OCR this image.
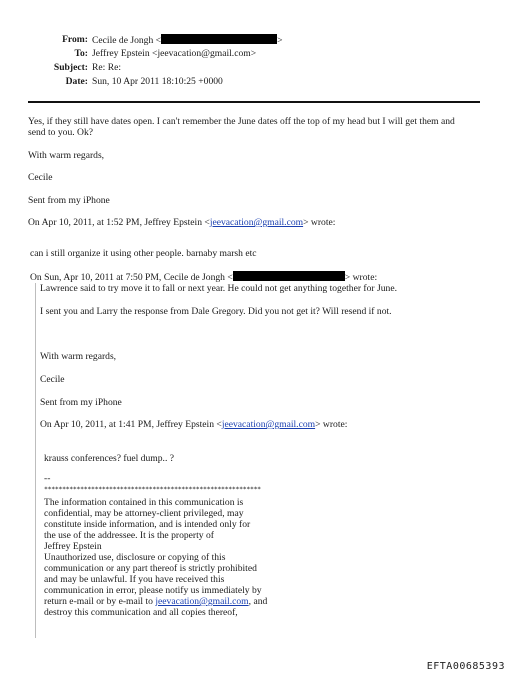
From: Cecile de Jongh <	>
To: Jeffrey Epstein <jeevacation@gmail.com>
Subject: Re: Re:
Date: Sun, 10 Apr 2011 18:10:25 +0000
Yes, if they still have dates open. I can't remember the June dates off the top of my head but I will get them and
send to you. Ok?
With warm regards,
Cecile
Sent from my iPhone
On Apr 10, 2011, at 1:52 PM, Jeffrey Epstein <jeevacation@gmail.com> wrote:
can i still organize it using other people. barnaby marsh etc
On Sun, Apr 10, 2011 at 7:50 PM, Cecile de Jongh <	> wrote:
Lawrence said to try move it to fall or next year. He could not get anything together for June.
I sent you and Larry the response from Dale Gregory. Did you not get it? Will resend if not.
With warm regards,
Cecile
Sent from my iPhone
On Apr 10, 2011, at 1:41 PM, Jeffrey Epstein <jeevacation@gmail.com> wrote:
krauss conferences? fuel dump.. ?
--
************************************************************
The information contained in this communication is
confidential, may be attorney-client privileged, may
constitute inside information, and is intended only for
the use of the addressee. It is the property of
Jeffrey Epstein
Unauthorized use, disclosure or copying of this
communication or any part thereof is strictly prohibited
and may be unlawful. If you have received this
communication in error, please notify us immediately by
return e-mail or by e-mail to jeevacation@gmail.com, and
destroy this communication and all copies thereof,
EFTA00685393
